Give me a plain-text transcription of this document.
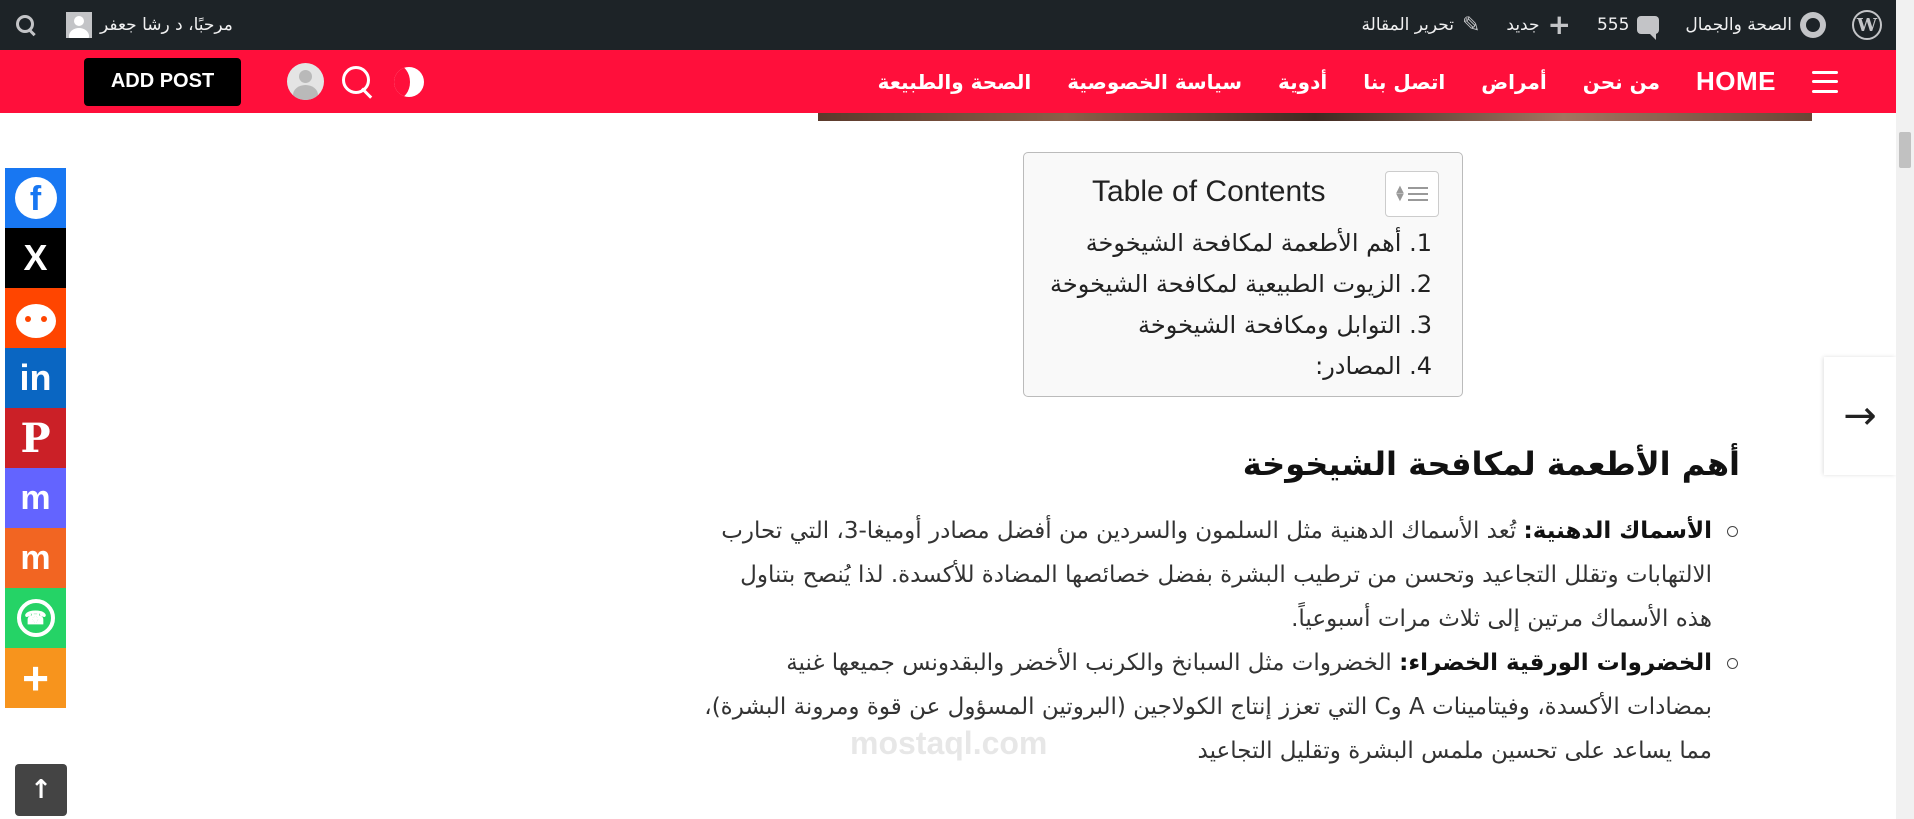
W
الصحة والجمال
555
+
جديد
✎
تحرير المقالة
مرحبًا، د رشا جعفر
HOME
من نحن
أمراض
اتصل بنا
أدوية
سياسة الخصوصية
الصحة والطبيعة
ADD POST
Table of Contents	▲
▼
1. أهم الأطعمة لمكافحة الشيخوخة
2. الزيوت الطبيعية لمكافحة الشيخوخة
3. التوابل ومكافحة الشيخوخة
4. المصادر:
أهم الأطعمة لمكافحة الشيخوخة
الأسماك الدهنية: تُعد الأسماك الدهنية مثل السلمون والسردين من أفضل مصادر أوميغا-3، التي تحارب الالتهابات وتقلل التجاعيد وتحسن من ترطيب البشرة بفضل خصائصها المضادة للأكسدة. لذا يُنصح بتناول هذه الأسماك مرتين إلى ثلاث مرات أسبوعياً.
الخضروات الورقية الخضراء: الخضروات مثل السبانخ والكرنب الأخضر والبقدونس جميعها غنية بمضادات الأكسدة، وفيتامينات A وC التي تعزز إنتاج الكولاجين (البروتين المسؤول عن قوة ومرونة البشرة)، مما يساعد على تحسين ملمس البشرة وتقليل التجاعيد
mostaql.com
f
X
in
P
m
m
☎
+
→
↑
